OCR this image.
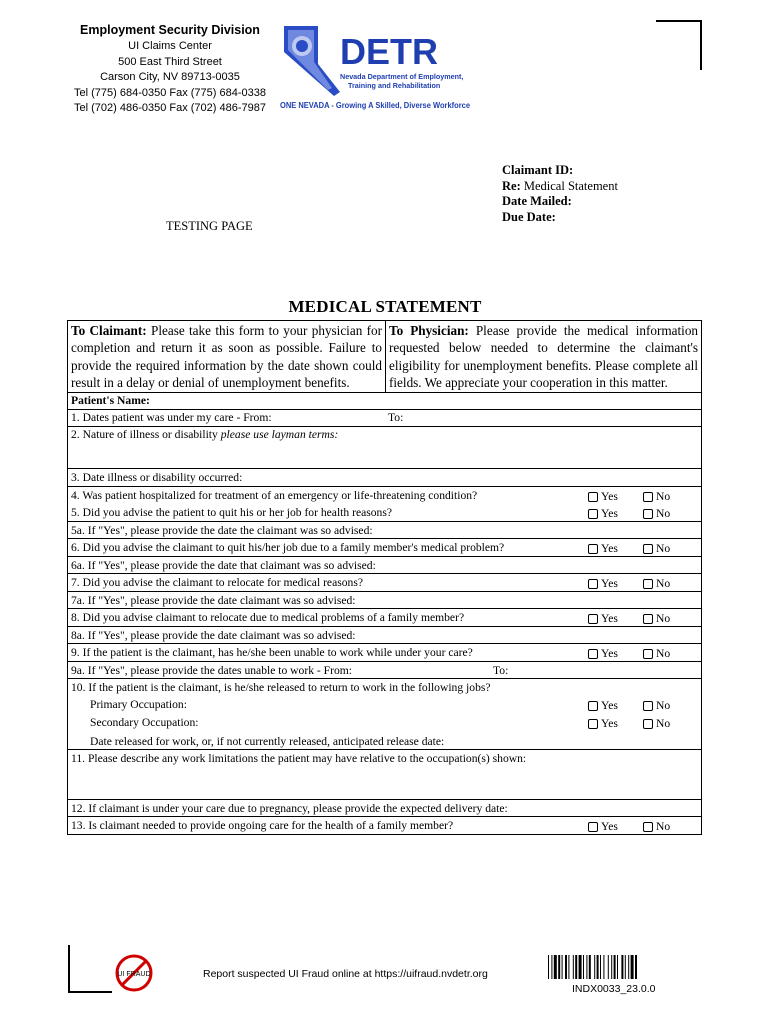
Employment Security Division
UI Claims Center
500 East Third Street
Carson City, NV 89713-0035
Tel (775) 684-0350 Fax (775) 684-0338
Tel (702) 486-0350 Fax (702) 486-7987
DETR
Nevada Department of Employment,
Training and Rehabilitation
ONE NEVADA - Growing A Skilled, Diverse Workforce
Claimant ID:
Re: Medical Statement
Date Mailed:
Due Date:
TESTING PAGE
MEDICAL STATEMENT
To Claimant: Please take this form to your physician for completion and return it as soon as possible. Failure to provide the required information by the date shown could result in a delay or denial of unemployment benefits.
To Physician: Please provide the medical information requested below needed to determine the claimant's eligibility for unemployment benefits. Please complete all fields. We appreciate your cooperation in this matter.
Patient's Name:
1. Dates patient was under my care - From:	To:
2. Nature of illness or disability please use layman terms:
3. Date illness or disability occurred:
4. Was patient hospitalized for treatment of an emergency or life-threatening condition?	Yes	No
5. Did you advise the patient to quit his or her job for health reasons?	Yes	No
5a. If "Yes", please provide the date the claimant was so advised:
6. Did you advise the claimant to quit his/her job due to a family member's medical problem?	Yes	No
6a. If "Yes", please provide the date that claimant was so advised:
7. Did you advise the claimant to relocate for medical reasons?	Yes	No
7a. If "Yes", please provide the date claimant was so advised:
8. Did you advise claimant to relocate due to medical problems of a family member?	Yes	No
8a. If "Yes", please provide the date claimant was so advised:
9. If the patient is the claimant, has he/she been unable to work while under your care?	Yes	No
9a. If "Yes", please provide the dates unable to work - From:	To:
10. If the patient is the claimant, is he/she released to return to work in the following jobs?
Primary Occupation:	Yes	No
Secondary Occupation:	Yes	No
Date released for work, or, if not currently released, anticipated release date:
11. Please describe any work limitations the patient may have relative to the occupation(s) shown:
12. If claimant is under your care due to pregnancy, please provide the expected delivery date:
13. Is claimant needed to provide ongoing care for the health of a family member?	Yes	No
UI FRAUD	Report suspected UI Fraud online at https://uifraud.nvdetr.org
INDX0033_23.0.0
